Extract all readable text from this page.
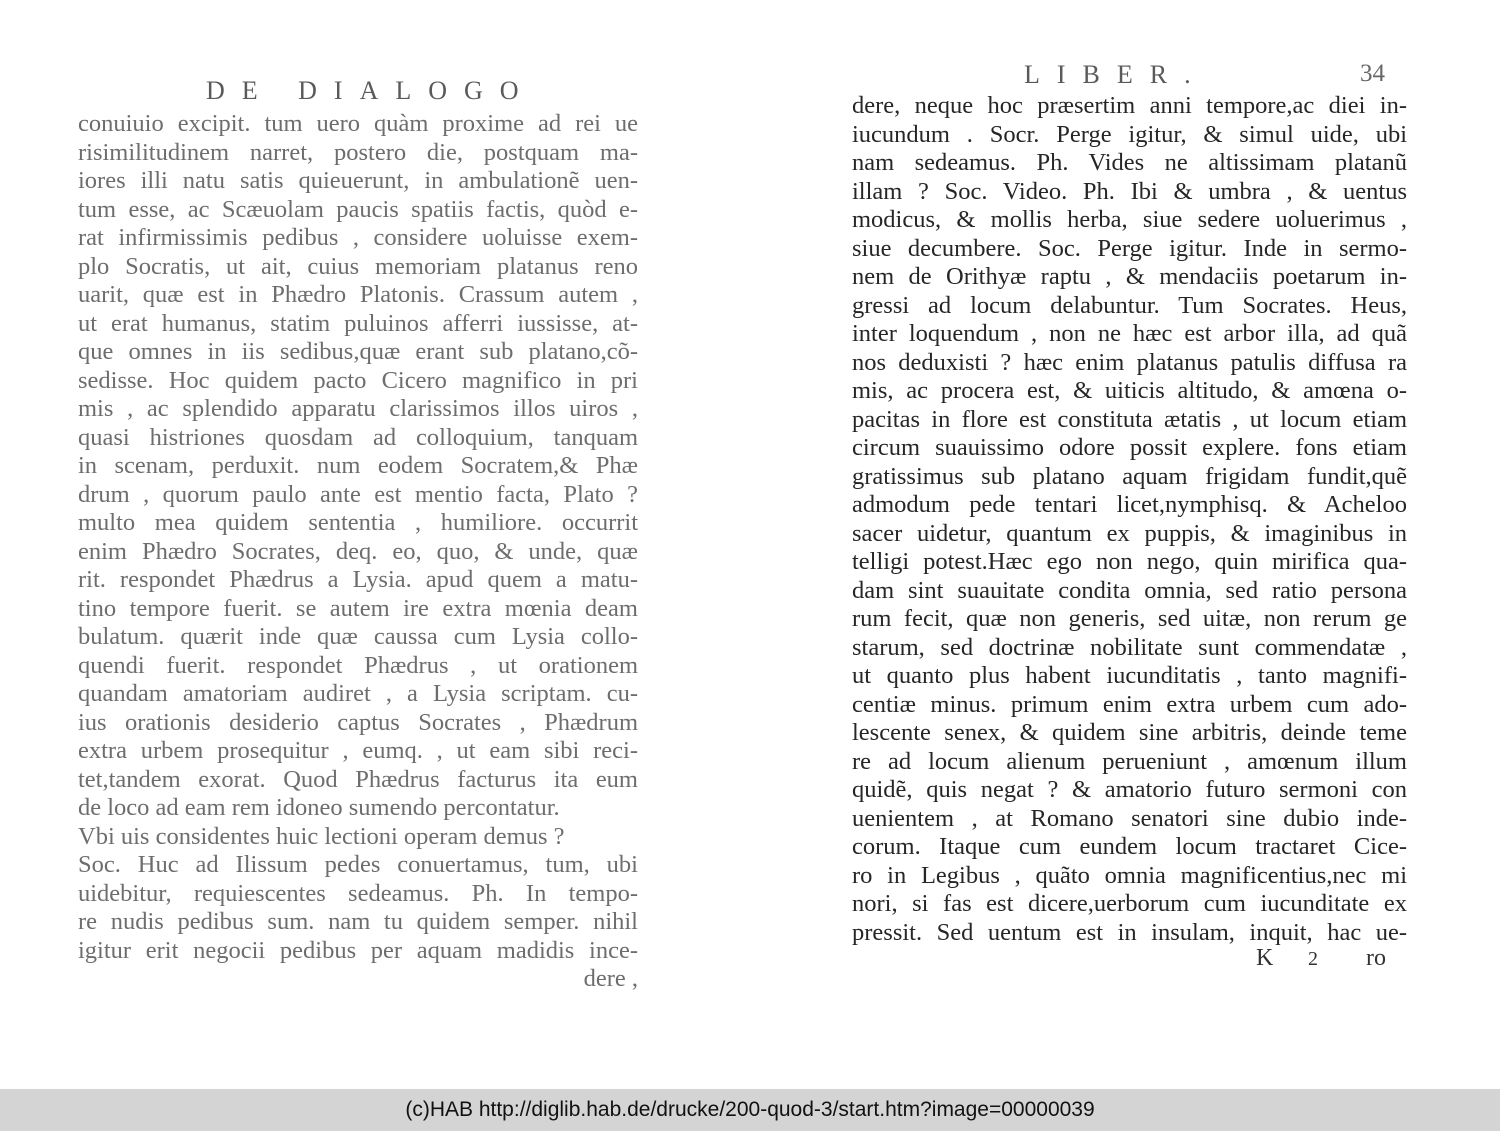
DE DIALOGO
conuiuio excipit. tum uero quàm proxime ad rei ue
risimilitudinem narret, postero die, postquam ma-
iores illi natu satis quieuerunt, in ambulationẽ uen-
tum esse, ac Scæuolam paucis spatiis factis, quòd e-
rat infirmissimis pedibus , considere uoluisse exem-
plo Socratis, ut ait, cuius memoriam platanus reno
uarit, quæ est in Phædro Platonis. Crassum autem ,
ut erat humanus, statim puluinos afferri iussisse, at-
que omnes in iis sedibus,quæ erant sub platano,cõ-
sedisse. Hoc quidem pacto Cicero magnifico in pri
mis , ac splendido apparatu clarissimos illos uiros ,
quasi histriones quosdam ad colloquium, tanquam
in scenam, perduxit. num eodem Socratem,& Phæ
drum , quorum paulo ante est mentio facta, Plato ?
multo mea quidem sententia , humiliore. occurrit
enim Phædro Socrates, deq. eo, quo, & unde, quæ
rit. respondet Phædrus a Lysia. apud quem a matu-
tino tempore fuerit. se autem ire extra mœnia deam
bulatum. quærit inde quæ caussa cum Lysia collo-
quendi fuerit. respondet Phædrus , ut orationem
quandam amatoriam audiret , a Lysia scriptam. cu-
ius orationis desiderio captus Socrates , Phædrum
extra urbem prosequitur , eumq. , ut eam sibi reci-
tet,tandem exorat. Quod Phædrus facturus ita eum
de loco ad eam rem idoneo sumendo percontatur.
Vbi uis considentes huic lectioni operam demus ?
Soc. Huc ad Ilissum pedes conuertamus, tum, ubi
uidebitur, requiescentes sedeamus. Ph. In tempo-
re nudis pedibus sum. nam tu quidem semper. nihil
igitur erit negocii pedibus per aquam madidis ince-
dere ,
LIBER.	34
dere, neque hoc præsertim anni tempore,ac diei in-
iucundum . Socr. Perge igitur, & simul uide, ubi
nam sedeamus. Ph. Vides ne altissimam platanũ
illam ? Soc. Video. Ph. Ibi & umbra , & uentus
modicus, & mollis herba, siue sedere uoluerimus ,
siue decumbere. Soc. Perge igitur. Inde in sermo-
nem de Orithyæ raptu , & mendaciis poetarum in-
gressi ad locum delabuntur. Tum Socrates. Heus,
inter loquendum , non ne hæc est arbor illa, ad quã
nos deduxisti ? hæc enim platanus patulis diffusa ra
mis, ac procera est, & uiticis altitudo, & amœna o-
pacitas in flore est constituta ætatis , ut locum etiam
circum suauissimo odore possit explere. fons etiam
gratissimus sub platano aquam frigidam fundit,quẽ
admodum pede tentari licet,nymphisq. & Acheloo
sacer uidetur, quantum ex puppis, & imaginibus in
telligi potest.Hæc ego non nego, quin mirifica qua-
dam sint suauitate condita omnia, sed ratio persona
rum fecit, quæ non generis, sed uitæ, non rerum ge
starum, sed doctrinæ nobilitate sunt commendatæ ,
ut quanto plus habent iucunditatis , tanto magnifi-
centiæ minus. primum enim extra urbem cum ado-
lescente senex, & quidem sine arbitris, deinde teme
re ad locum alienum perueniunt , amœnum illum
quidẽ, quis negat ? & amatorio futuro sermoni con
uenientem , at Romano senatori sine dubio inde-
corum. Itaque cum eundem locum tractaret Cice-
ro in Legibus , quãto omnia magnificentius,nec mi
nori, si fas est dicere,uerborum cum iucunditate ex
pressit. Sed uentum est in insulam, inquit, hac ue-
K 2 ro
(c)HAB http://diglib.hab.de/drucke/200-quod-3/start.htm?image=00000039
